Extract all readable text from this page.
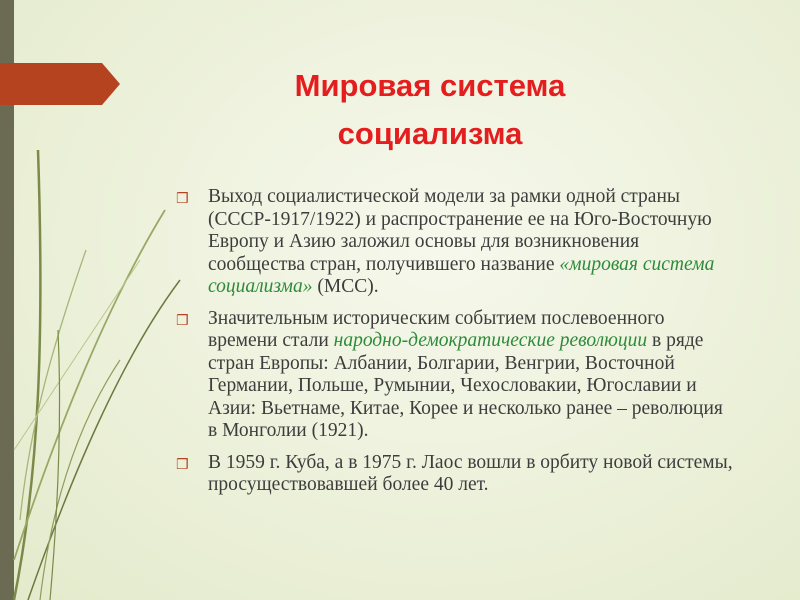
Мировая система
социализма
❒ Выход социалистической модели за рамки одной страны (СССР-1917/1922) и распространение ее на Юго-Восточную Европу и Азию заложил основы для возникновения сообщества стран, получившего название «мировая система социализма» (МСС).
❒ Значительным историческим событием послевоенного времени стали народно-демократические революции в ряде стран Европы: Албании, Болгарии, Венгрии, Восточной Германии, Польше, Румынии, Чехословакии, Югославии и Азии: Вьетнаме, Китае, Корее и несколько ранее – революция в Монголии (1921).
❒ В 1959 г. Куба, а в 1975 г. Лаос вошли в орбиту новой системы, просуществовавшей более 40 лет.
